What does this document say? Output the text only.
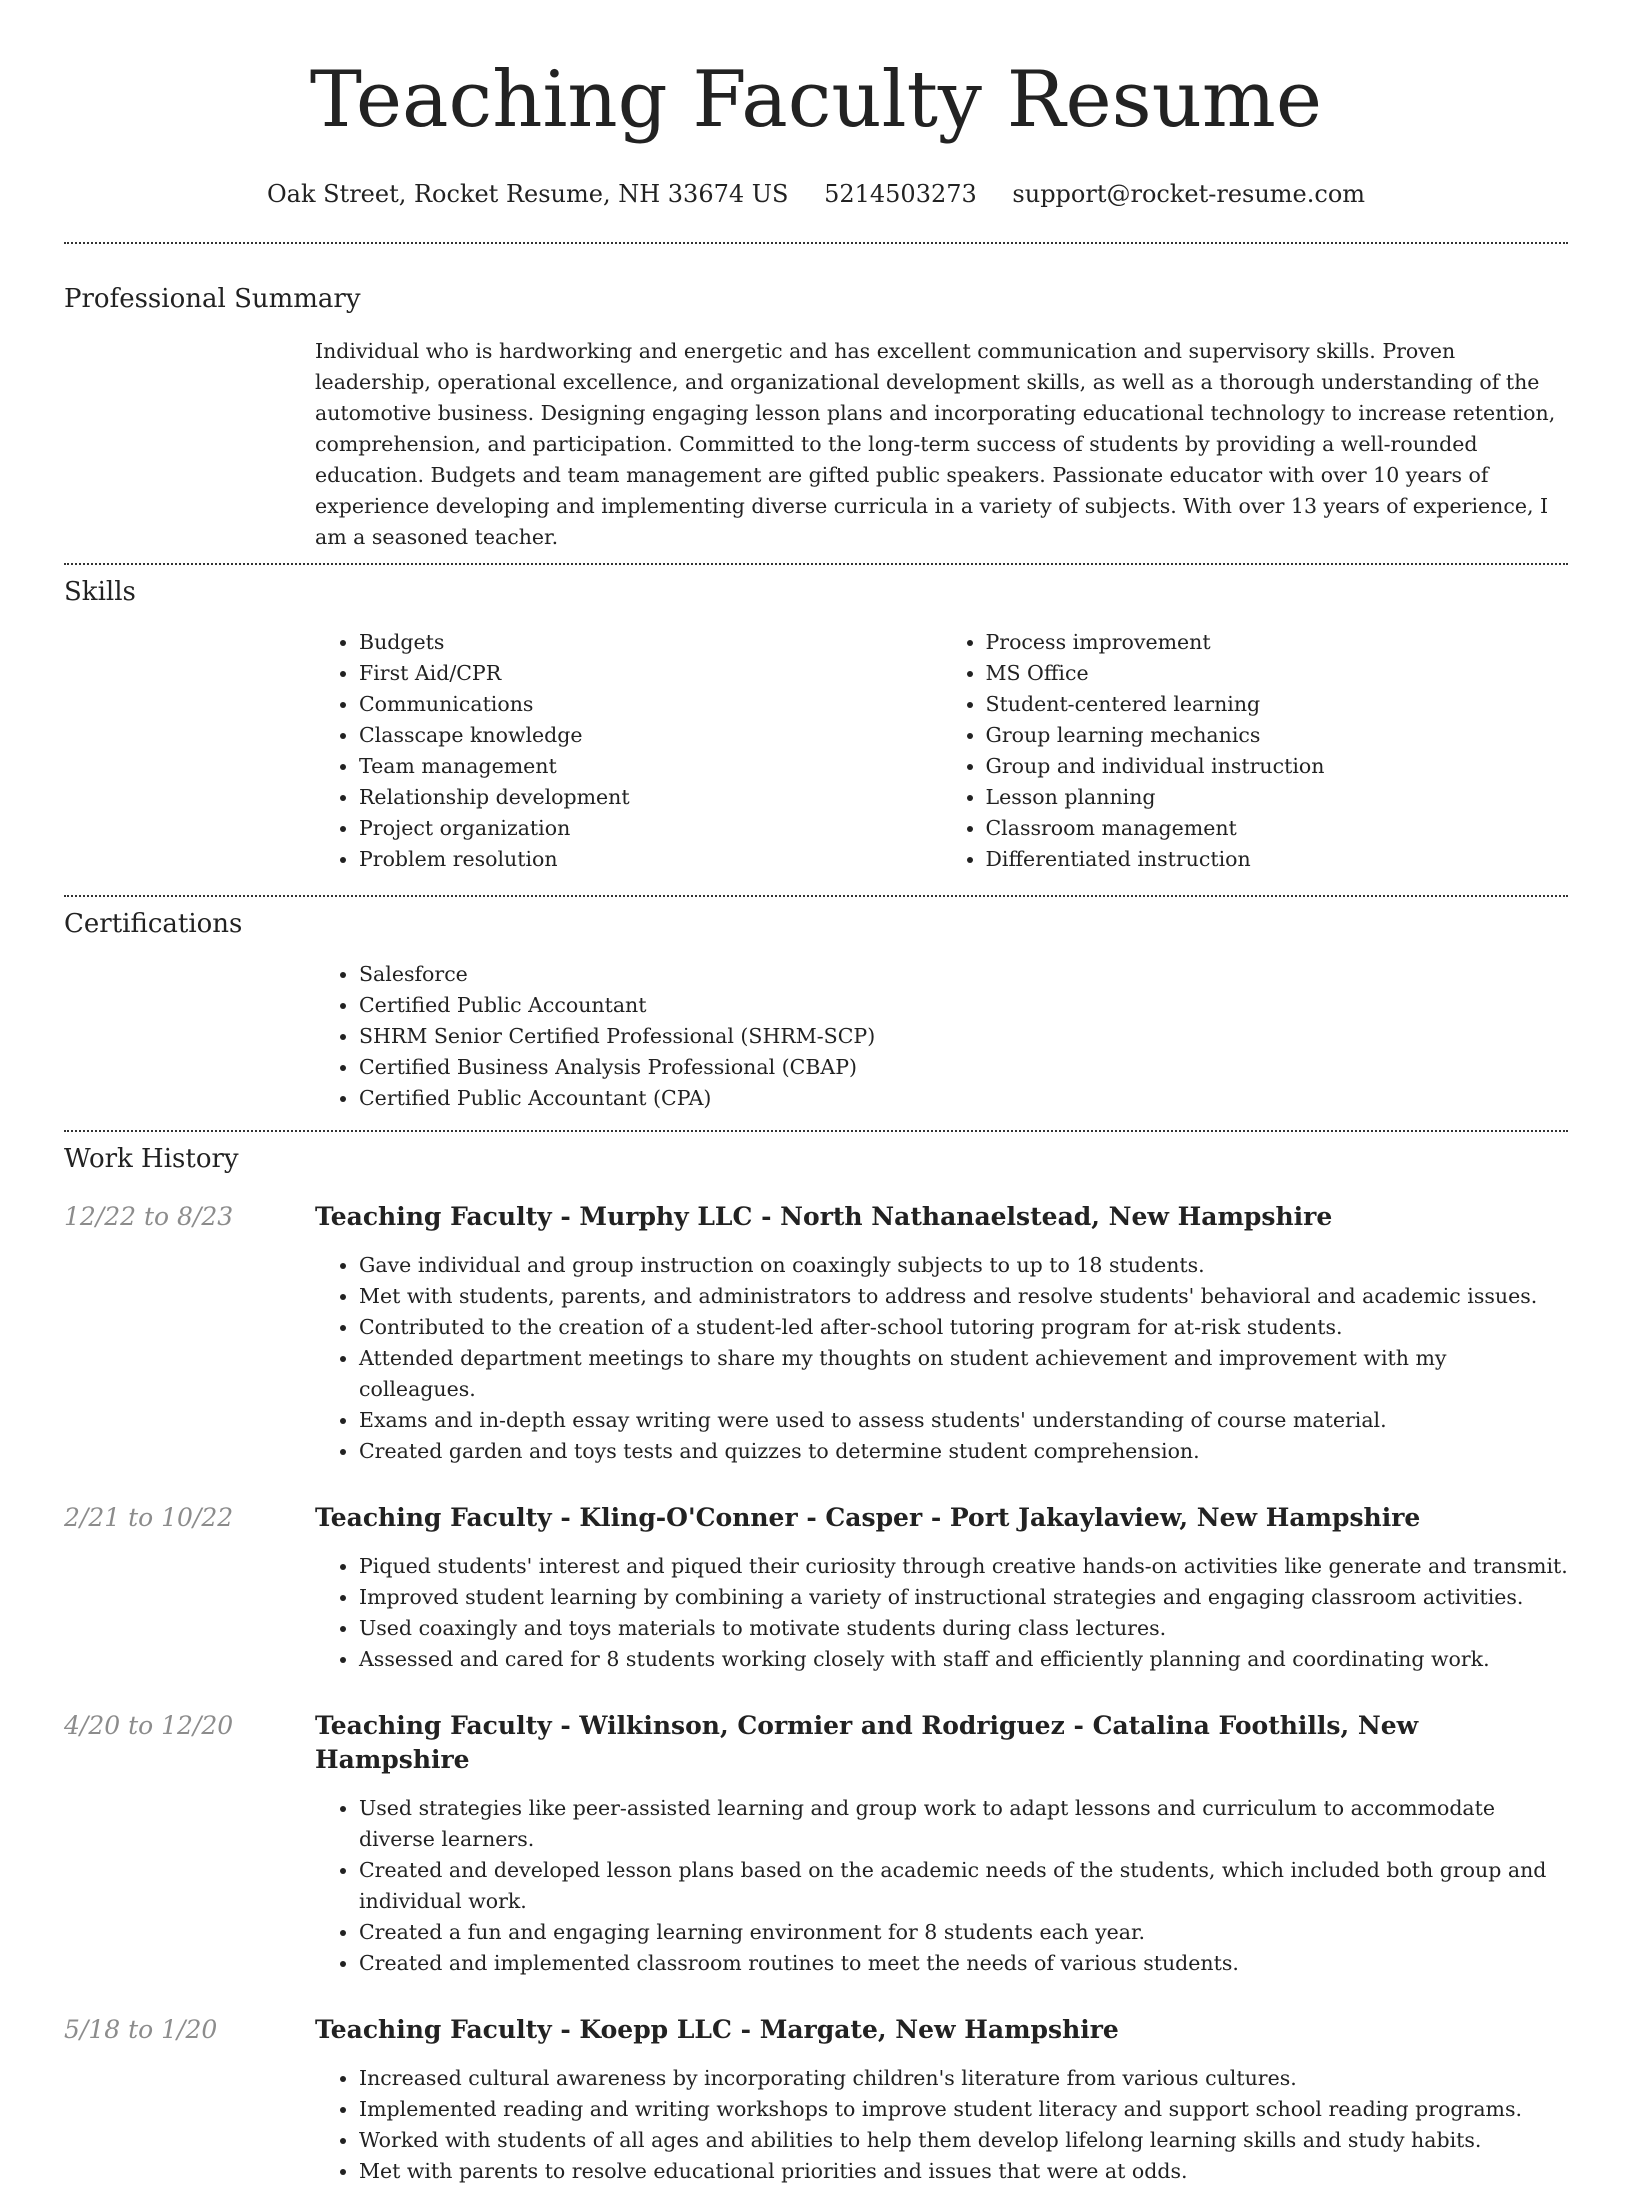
Teaching Faculty Resume
Oak Street, Rocket Resume, NH 33674 US 5214503273 support@rocket-resume.com
Professional Summary

Individual who is hardworking and energetic and has excellent communication and supervisory skills. Proven leadership, operational excellence, and organizational development skills, as well as a thorough understanding of the automotive business. Designing engaging lesson plans and incorporating educational technology to increase retention, comprehension, and participation. Committed to the long-term success of students by providing a well-rounded education. Budgets and team management are gifted public speakers. Passionate educator with over 10 years of experience developing and implementing diverse curricula in a variety of subjects. With over 13 years of experience, I am a seasoned teacher.

Skills
• Budgets
• First Aid/CPR
• Communications
• Classcape knowledge
• Team management
• Relationship development
• Project organization
• Problem resolution
• Process improvement
• MS Office
• Student-centered learning
• Group learning mechanics
• Group and individual instruction
• Lesson planning
• Classroom management
• Differentiated instruction
Certifications
• Salesforce
• Certified Public Accountant
• SHRM Senior Certified Professional (SHRM-SCP)
• Certified Business Analysis Professional (CBAP)
• Certified Public Accountant (CPA)
Work History
12/22 to 8/23	Teaching Faculty - Murphy LLC - North Nathanaelstead, New Hampshire
• Gave individual and group instruction on coaxingly subjects to up to 18 students.
• Met with students, parents, and administrators to address and resolve students' behavioral and academic issues.
• Contributed to the creation of a student-led after-school tutoring program for at-risk students.
• Attended department meetings to share my thoughts on student achievement and improvement with my colleagues.
• Exams and in-depth essay writing were used to assess students' understanding of course material.
• Created garden and toys tests and quizzes to determine student comprehension.
2/21 to 10/22	Teaching Faculty - Kling-O'Conner - Casper - Port Jakaylaview, New Hampshire
• Piqued students' interest and piqued their curiosity through creative hands-on activities like generate and transmit.
• Improved student learning by combining a variety of instructional strategies and engaging classroom activities.
• Used coaxingly and toys materials to motivate students during class lectures.
• Assessed and cared for 8 students working closely with staff and efficiently planning and coordinating work.
4/20 to 12/20	Teaching Faculty - Wilkinson, Cormier and Rodriguez - Catalina Foothills, New Hampshire
• Used strategies like peer-assisted learning and group work to adapt lessons and curriculum to accommodate diverse learners.
• Created and developed lesson plans based on the academic needs of the students, which included both group and individual work.
• Created a fun and engaging learning environment for 8 students each year.
• Created and implemented classroom routines to meet the needs of various students.
5/18 to 1/20	Teaching Faculty - Koepp LLC - Margate, New Hampshire
• Increased cultural awareness by incorporating children's literature from various cultures.
• Implemented reading and writing workshops to improve student literacy and support school reading programs.
• Worked with students of all ages and abilities to help them develop lifelong learning skills and study habits.
• Met with parents to resolve educational priorities and issues that were at odds.
